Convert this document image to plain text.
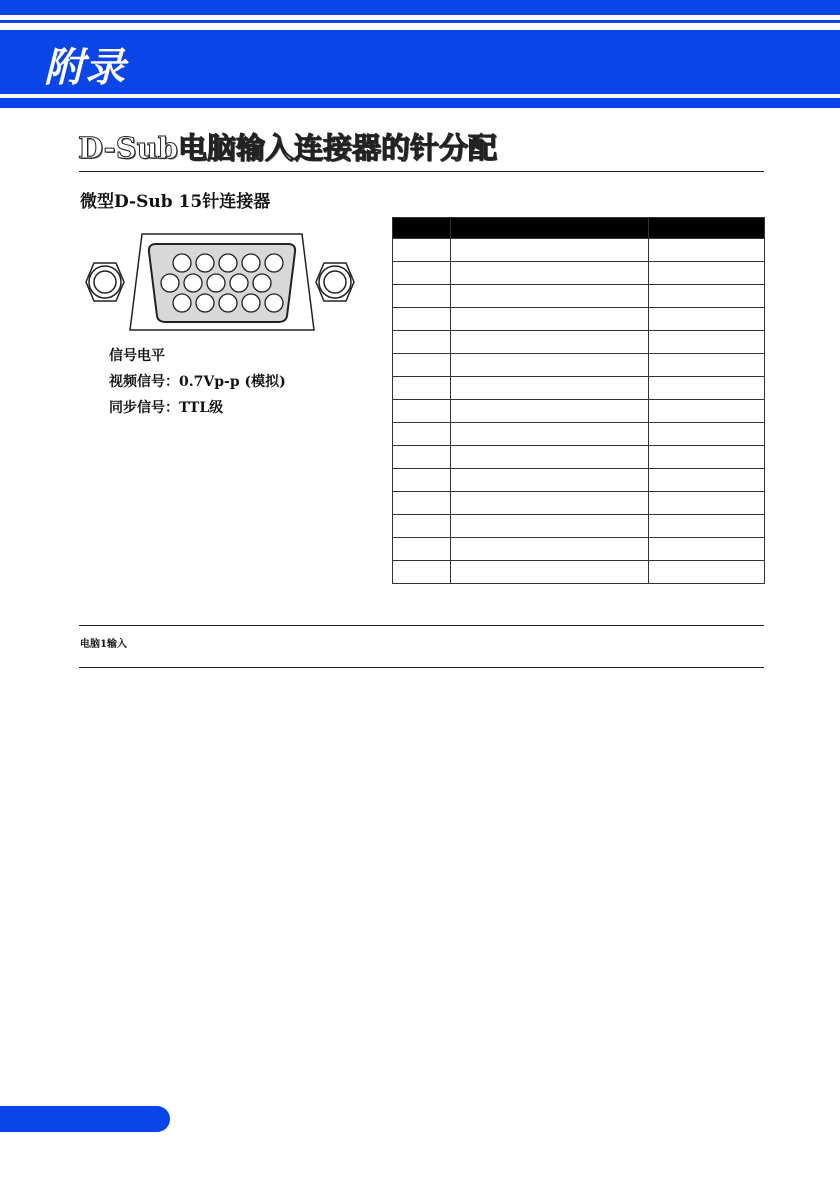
附录
D-Sub电脑输入连接器的针分配
微型D-Sub 15针连接器
信号电平
视频信号：0.7Vp-p (模拟)
同步信号：TTL级

电脑1输入
